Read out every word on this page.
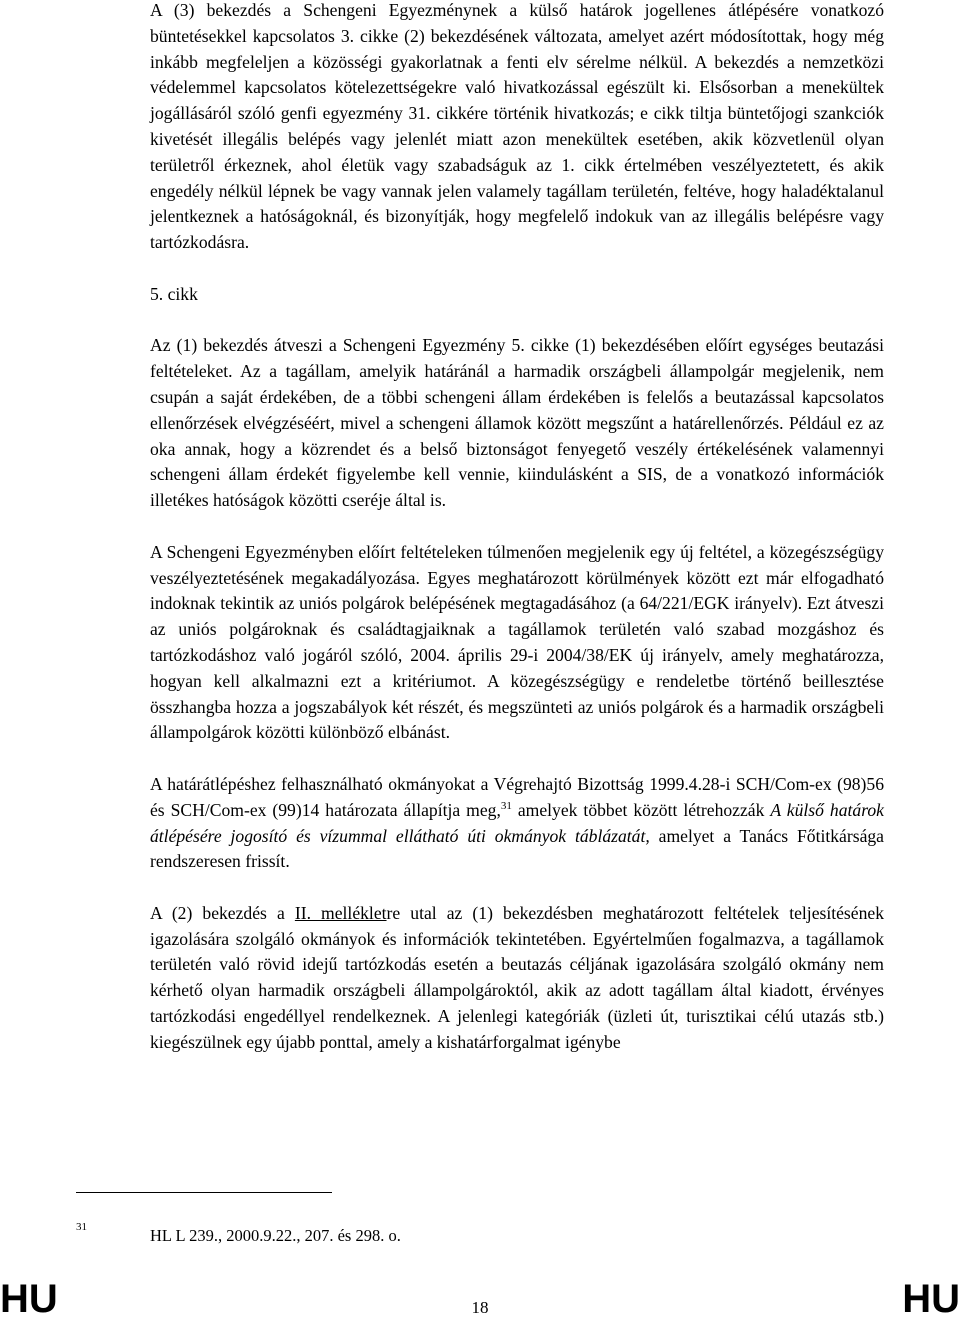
A (3) bekezdés a Schengeni Egyezménynek a külső határok jogellenes átlépésére vonatkozó büntetésekkel kapcsolatos 3. cikke (2) bekezdésének változata, amelyet azért módosítottak, hogy még inkább megfeleljen a közösségi gyakorlatnak a fenti elv sérelme nélkül. A bekezdés a nemzetközi védelemmel kapcsolatos kötelezettségekre való hivatkozással egészült ki. Elsősorban a menekültek jogállásáról szóló genfi egyezmény 31. cikkére történik hivatkozás; e cikk tiltja büntetőjogi szankciók kivetését illegális belépés vagy jelenlét miatt azon menekültek esetében, akik közvetlenül olyan területről érkeznek, ahol életük vagy szabadságuk az 1. cikk értelmében veszélyeztetett, és akik engedély nélkül lépnek be vagy vannak jelen valamely tagállam területén, feltéve, hogy haladéktalanul jelentkeznek a hatóságoknál, és bizonyítják, hogy megfelelő indokuk van az illegális belépésre vagy tartózkodásra.

5. cikk

Az (1) bekezdés átveszi a Schengeni Egyezmény 5. cikke (1) bekezdésében előírt egységes beutazási feltételeket. Az a tagállam, amelyik határánál a harmadik országbeli állampolgár megjelenik, nem csupán a saját érdekében, de a többi schengeni állam érdekében is felelős a beutazással kapcsolatos ellenőrzések elvégzéséért, mivel a schengeni államok között megszűnt a határellenőrzés. Például ez az oka annak, hogy a közrendet és a belső biztonságot fenyegető veszély értékelésének valamennyi schengeni állam érdekét figyelembe kell vennie, kiindulásként a SIS, de a vonatkozó információk illetékes hatóságok közötti cseréje által is.

A Schengeni Egyezményben előírt feltételeken túlmenően megjelenik egy új feltétel, a közegészségügy veszélyeztetésének megakadályozása. Egyes meghatározott körülmények között ezt már elfogadható indoknak tekintik az uniós polgárok belépésének megtagadásához (a 64/221/EGK irányelv). Ezt átveszi az uniós polgároknak és családtagjaiknak a tagállamok területén való szabad mozgáshoz és tartózkodáshoz való jogáról szóló, 2004. április 29-i 2004/38/EK új irányelv, amely meghatározza, hogyan kell alkalmazni ezt a kritériumot. A közegészségügy e rendeletbe történő beillesztése összhangba hozza a jogszabályok két részét, és megszünteti az uniós polgárok és a harmadik országbeli állampolgárok közötti különböző elbánást.

A határátlépéshez felhasználható okmányokat a Végrehajtó Bizottság 1999.4.28-i SCH/Com-ex (98)56 és SCH/Com-ex (99)14 határozata állapítja meg,$^{31}$ amelyek többet között létrehozzák A külső határok átlépésére jogosító és vízummal ellátható úti okmányok táblázatát, amelyet a Tanács Főtitkársága rendszeresen frissít.

A (2) bekezdés a II. mellékletre utal az (1) bekezdésben meghatározott feltételek teljesítésének igazolására szolgáló okmányok és információk tekintetében. Egyértelműen fogalmazva, a tagállamok területén való rövid idejű tartózkodás esetén a beutazás céljának igazolására szolgáló okmány nem kérhető olyan harmadik országbeli állampolgároktól, akik az adott tagállam által kiadott, érvényes tartózkodási engedéllyel rendelkeznek. A jelenlegi kategóriák (üzleti út, turisztikai célú utazás stb.) kiegészülnek egy újabb ponttal, amely a kishatárforgalmat igénybe

31	HL L 239., 2000.9.22., 207. és 298. o.
HU	18	HU
